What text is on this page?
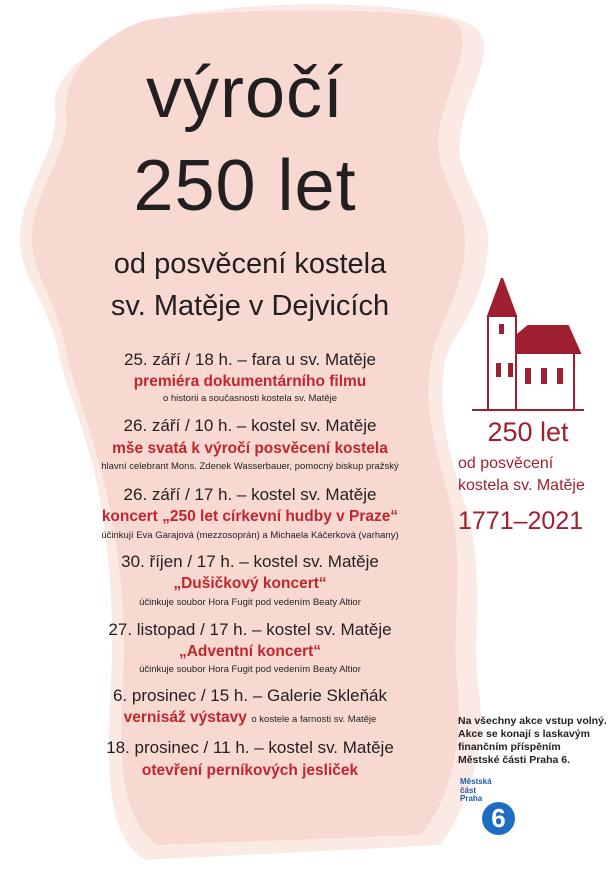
výročí
250 let
od posvěcení kostela
sv. Matěje v Dejvicích
25. září / 18 h. – fara u sv. Matěje
premiéra dokumentárního filmu
o historii a současnosti kostela sv. Matěje
26. září / 10 h. – kostel sv. Matěje
mše svatá k výročí posvěcení kostela
hlavní celebrant Mons. Zdenek Wasserbauer, pomocný biskup pražský
26. září / 17 h. – kostel sv. Matěje
koncert „250 let církevní hudby v Praze“
účinkují Eva Garajová (mezzosoprán) a Michaela Káčerková (varhany)
30. říjen / 17 h. – kostel sv. Matěje
„Dušičkový koncert“
účinkuje soubor Hora Fugit pod vedením Beaty Altior
27. listopad / 17 h. – kostel sv. Matěje
„Adventní koncert“
účinkuje soubor Hora Fugit pod vedením Beaty Altior
6. prosinec / 15 h. – Galerie Skleňák
vernisáž výstavy o kostele a farnosti sv. Matěje
18. prosinec / 11 h. – kostel sv. Matěje
otevření perníkových jesliček
250 let
od posvěcení
kostela sv. Matěje
1771–2021
Na všechny akce vstup volný.
Akce se konají s laskavým
finančním příspěním
Městské části Praha 6.
Městská
část
Praha
6
